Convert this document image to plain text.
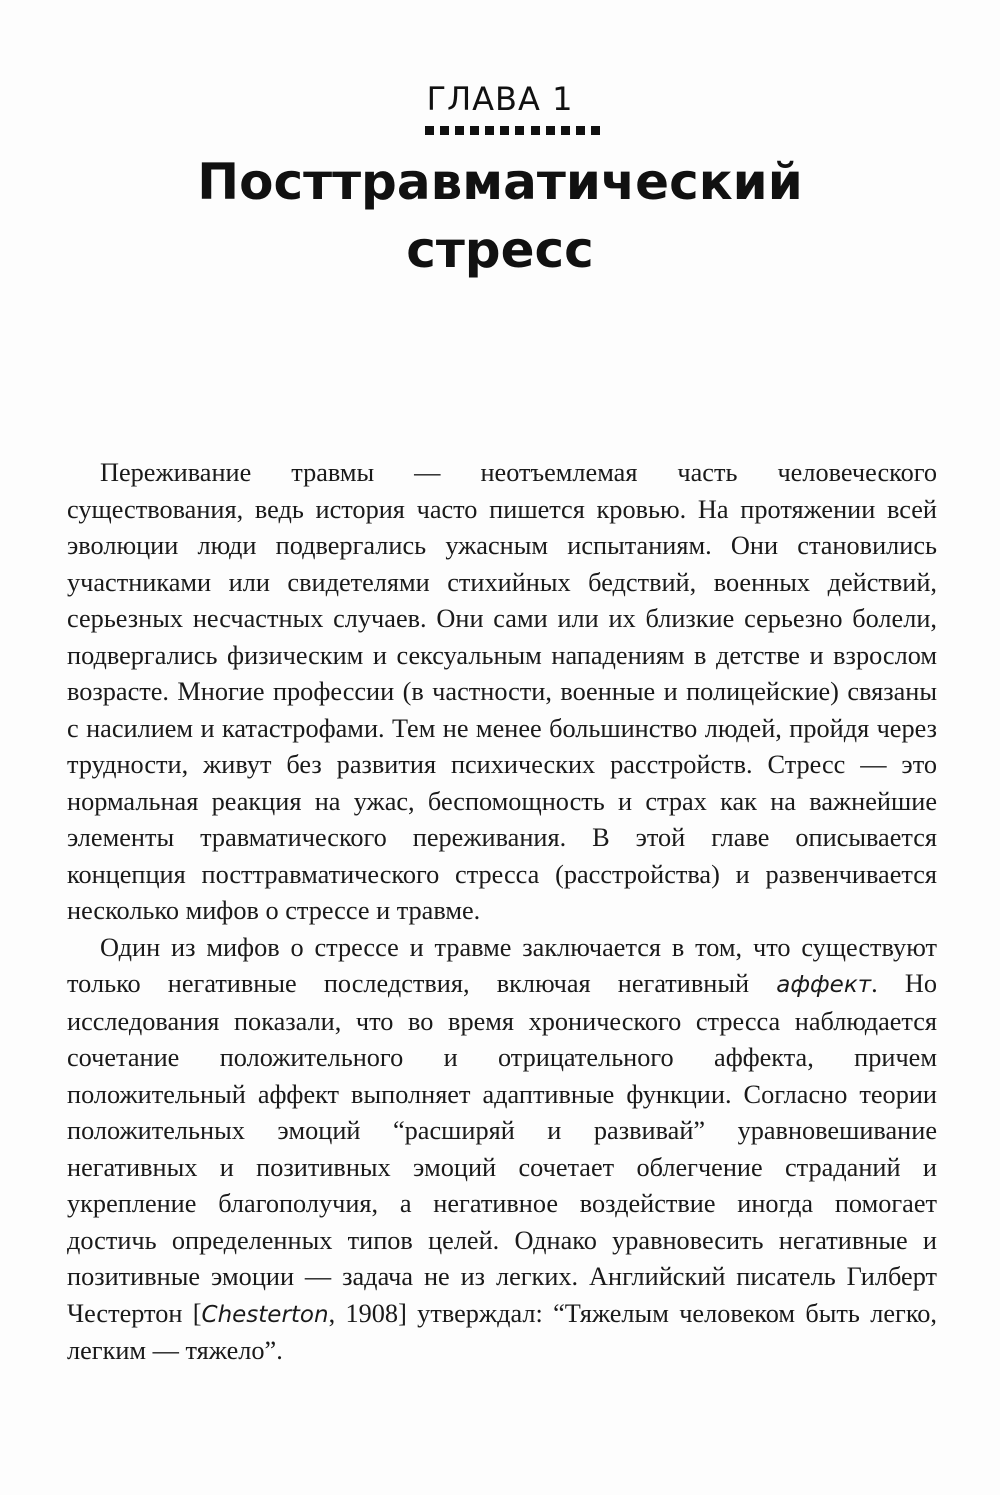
ГЛАВА 1
Посттравматический
стресс

Переживание травмы — неотъемлемая часть человеческого существования, ведь история часто пишется кровью. На протяжении всей эволюции люди подвергались ужасным испытаниям. Они становились участниками или свидетелями стихийных бедствий, военных действий, серьезных несчастных случаев. Они сами или их близкие серьезно болели, подвергались физическим и сексуальным нападениям в детстве и взрослом возрасте. Многие профессии (в частности, военные и полицейские) связаны с насилием и катастрофами. Тем не менее большинство людей, пройдя через трудности, живут без развития психических расстройств. Стресс — это нормальная реакция на ужас, беспомощность и страх как на важнейшие элементы травматического переживания. В этой главе описывается концепция посттравматического стресса (расстройства) и развенчивается несколько мифов о стрессе и травме.

Один из мифов о стрессе и травме заключается в том, что существуют только негативные последствия, включая негативный аффект. Но исследования показали, что во время хронического стресса наблюдается сочетание положительного и отрицательного аффекта, причем положительный аффект выполняет адаптивные функции. Согласно теории положительных эмоций “расширяй и развивай” уравновешивание негативных и позитивных эмоций сочетает облегчение страданий и укрепление благополучия, а негативное воздействие иногда помогает достичь определенных типов целей. Однако уравновесить негативные и позитивные эмоции — задача не из легких. Английский писатель Гилберт Честертон [Chesterton, 1908] утверждал: “Тяжелым человеком быть легко, легким — тяжело”.
